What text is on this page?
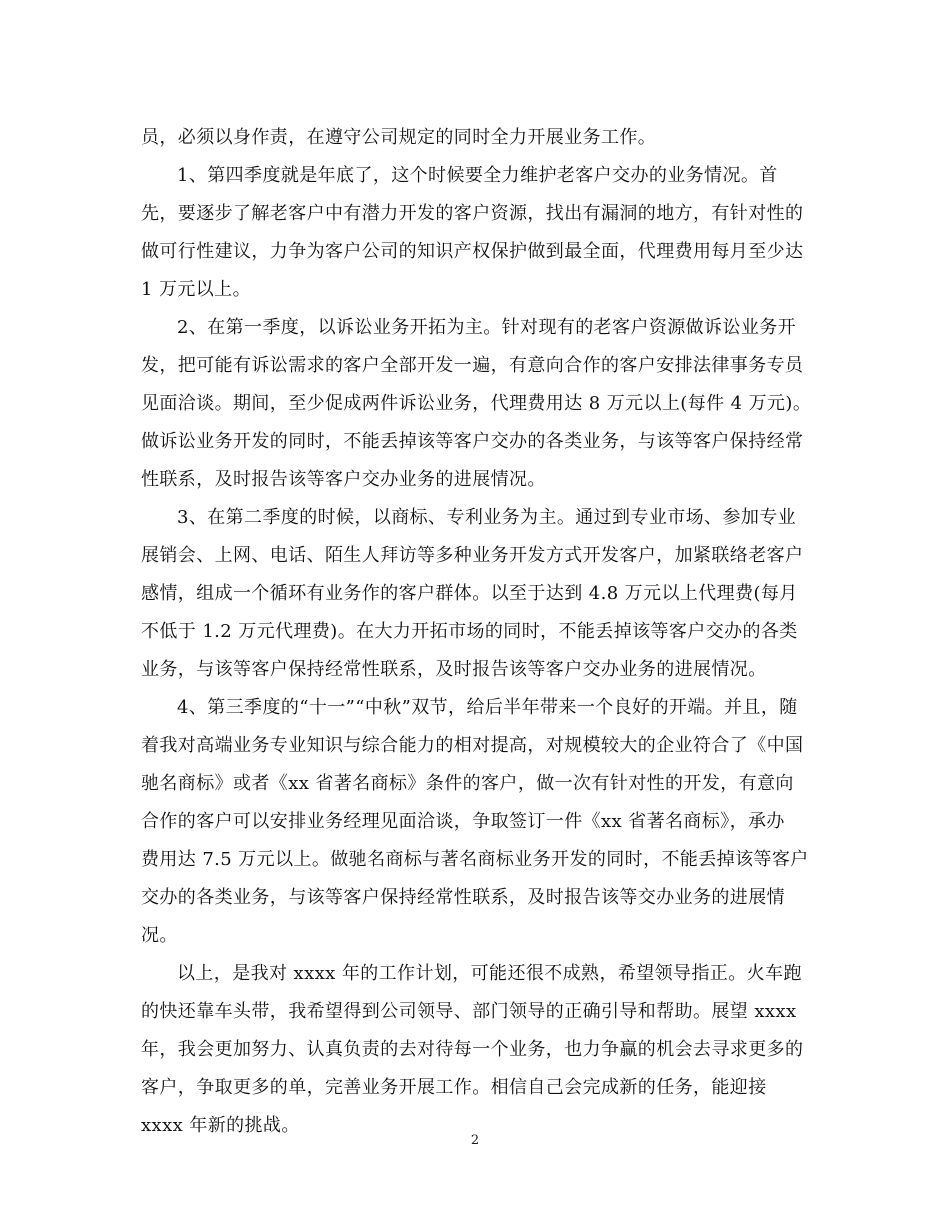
员，必须以身作责，在遵守公司规定的同时全力开展业务工作。
1、第四季度就是年底了，这个时候要全力维护老客户交办的业务情况。首
先，要逐步了解老客户中有潜力开发的客户资源，找出有漏洞的地方，有针对性的
做可行性建议，力争为客户公司的知识产权保护做到最全面，代理费用每月至少达
1 万元以上。
2、在第一季度，以诉讼业务开拓为主。针对现有的老客户资源做诉讼业务开
发，把可能有诉讼需求的客户全部开发一遍，有意向合作的客户安排法律事务专员
见面洽谈。期间，至少促成两件诉讼业务，代理费用达 8 万元以上(每件 4 万元)。
做诉讼业务开发的同时，不能丢掉该等客户交办的各类业务，与该等客户保持经常
性联系，及时报告该等客户交办业务的进展情况。
3、在第二季度的时候，以商标、专利业务为主。通过到专业市场、参加专业
展销会、上网、电话、陌生人拜访等多种业务开发方式开发客户，加紧联络老客户
感情，组成一个循环有业务作的客户群体。以至于达到 4.8 万元以上代理费(每月
不低于 1.2 万元代理费)。在大力开拓市场的同时，不能丢掉该等客户交办的各类
业务，与该等客户保持经常性联系，及时报告该等客户交办业务的进展情况。
4、第三季度的“十一”“中秋”双节，给后半年带来一个良好的开端。并且，随
着我对高端业务专业知识与综合能力的相对提高，对规模较大的企业符合了《中国
驰名商标》或者《xx 省著名商标》条件的客户，做一次有针对性的开发，有意向
合作的客户可以安排业务经理见面洽谈，争取签订一件《xx 省著名商标》，承办
费用达 7.5 万元以上。做驰名商标与著名商标业务开发的同时，不能丢掉该等客户
交办的各类业务，与该等客户保持经常性联系，及时报告该等交办业务的进展情
况。
以上，是我对 xxxx 年的工作计划，可能还很不成熟，希望领导指正。火车跑
的快还靠车头带，我希望得到公司领导、部门领导的正确引导和帮助。展望 xxxx
年，我会更加努力、认真负责的去对待每一个业务，也力争赢的机会去寻求更多的
客户，争取更多的单，完善业务开展工作。相信自己会完成新的任务，能迎接
xxxx 年新的挑战。
2
